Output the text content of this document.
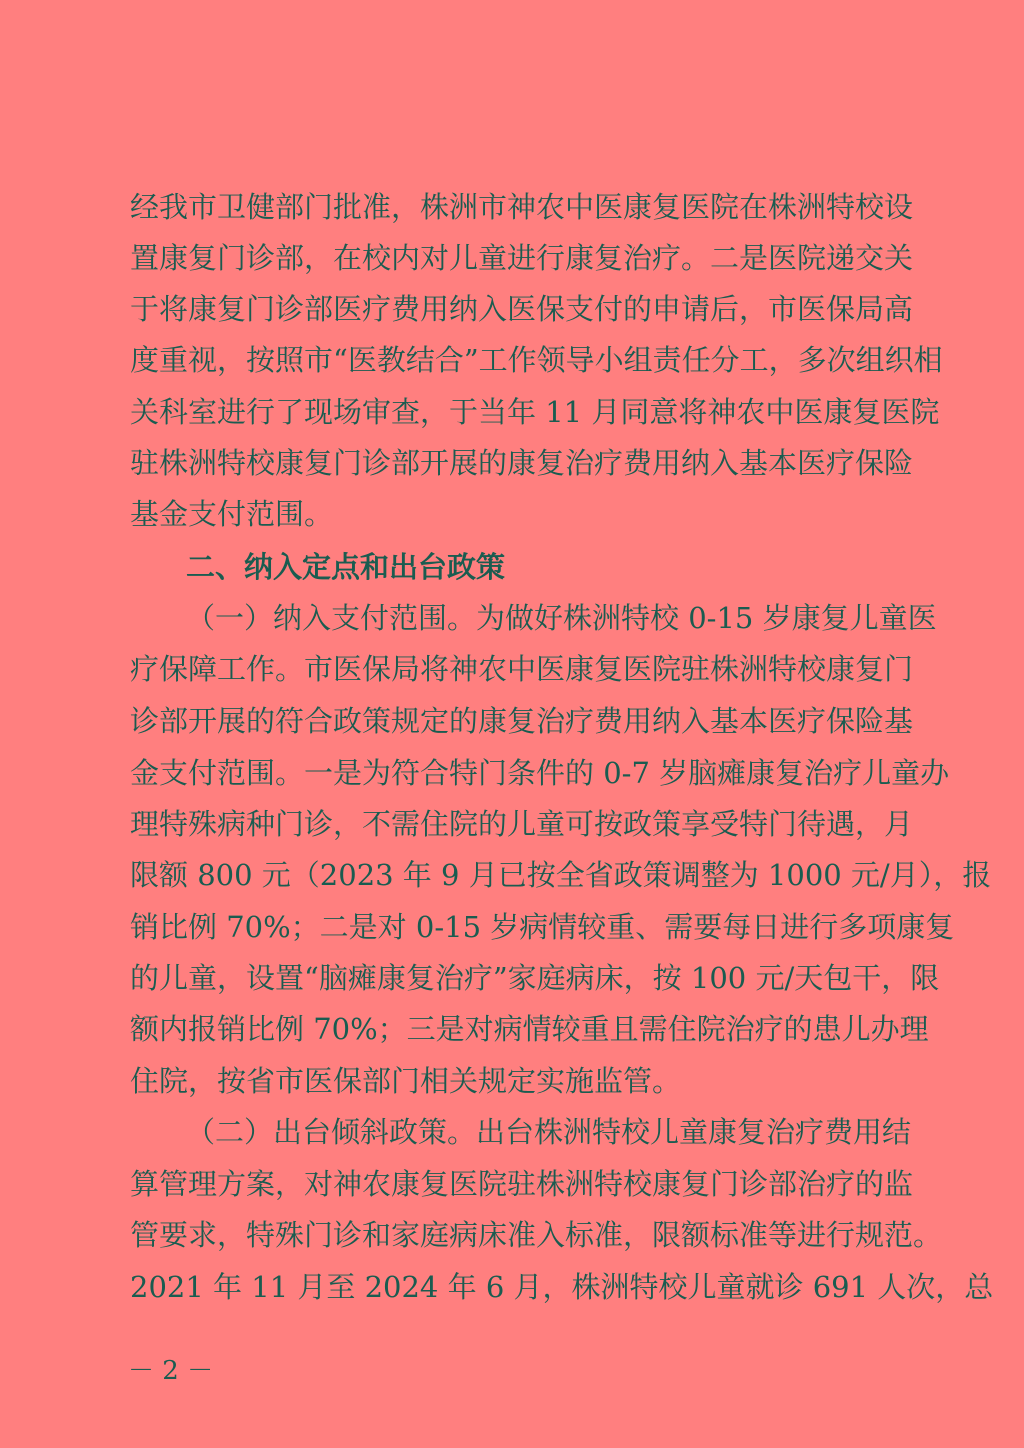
经我市卫健部门批准，株洲市神农中医康复医院在株洲特校设
置康复门诊部，在校内对儿童进行康复治疗。二是医院递交关
于将康复门诊部医疗费用纳入医保支付的申请后，市医保局高
度重视，按照市“医教结合”工作领导小组责任分工，多次组织相
关科室进行了现场审查，于当年 11 月同意将神农中医康复医院
驻株洲特校康复门诊部开展的康复治疗费用纳入基本医疗保险
基金支付范围。
二、纳入定点和出台政策
（一）纳入支付范围。为做好株洲特校 0-15 岁康复儿童医
疗保障工作。市医保局将神农中医康复医院驻株洲特校康复门
诊部开展的符合政策规定的康复治疗费用纳入基本医疗保险基
金支付范围。一是为符合特门条件的 0-7 岁脑瘫康复治疗儿童办
理特殊病种门诊，不需住院的儿童可按政策享受特门待遇，月
限额 800 元（2023 年 9 月已按全省政策调整为 1000 元/月），报
销比例 70%；二是对 0-15 岁病情较重、需要每日进行多项康复
的儿童，设置“脑瘫康复治疗”家庭病床，按 100 元/天包干，限
额内报销比例 70%；三是对病情较重且需住院治疗的患儿办理
住院，按省市医保部门相关规定实施监管。
（二）出台倾斜政策。出台株洲特校儿童康复治疗费用结
算管理方案，对神农康复医院驻株洲特校康复门诊部治疗的监
管要求，特殊门诊和家庭病床准入标准，限额标准等进行规范。
2021 年 11 月至 2024 年 6 月，株洲特校儿童就诊 691 人次，总
－ 2 －
